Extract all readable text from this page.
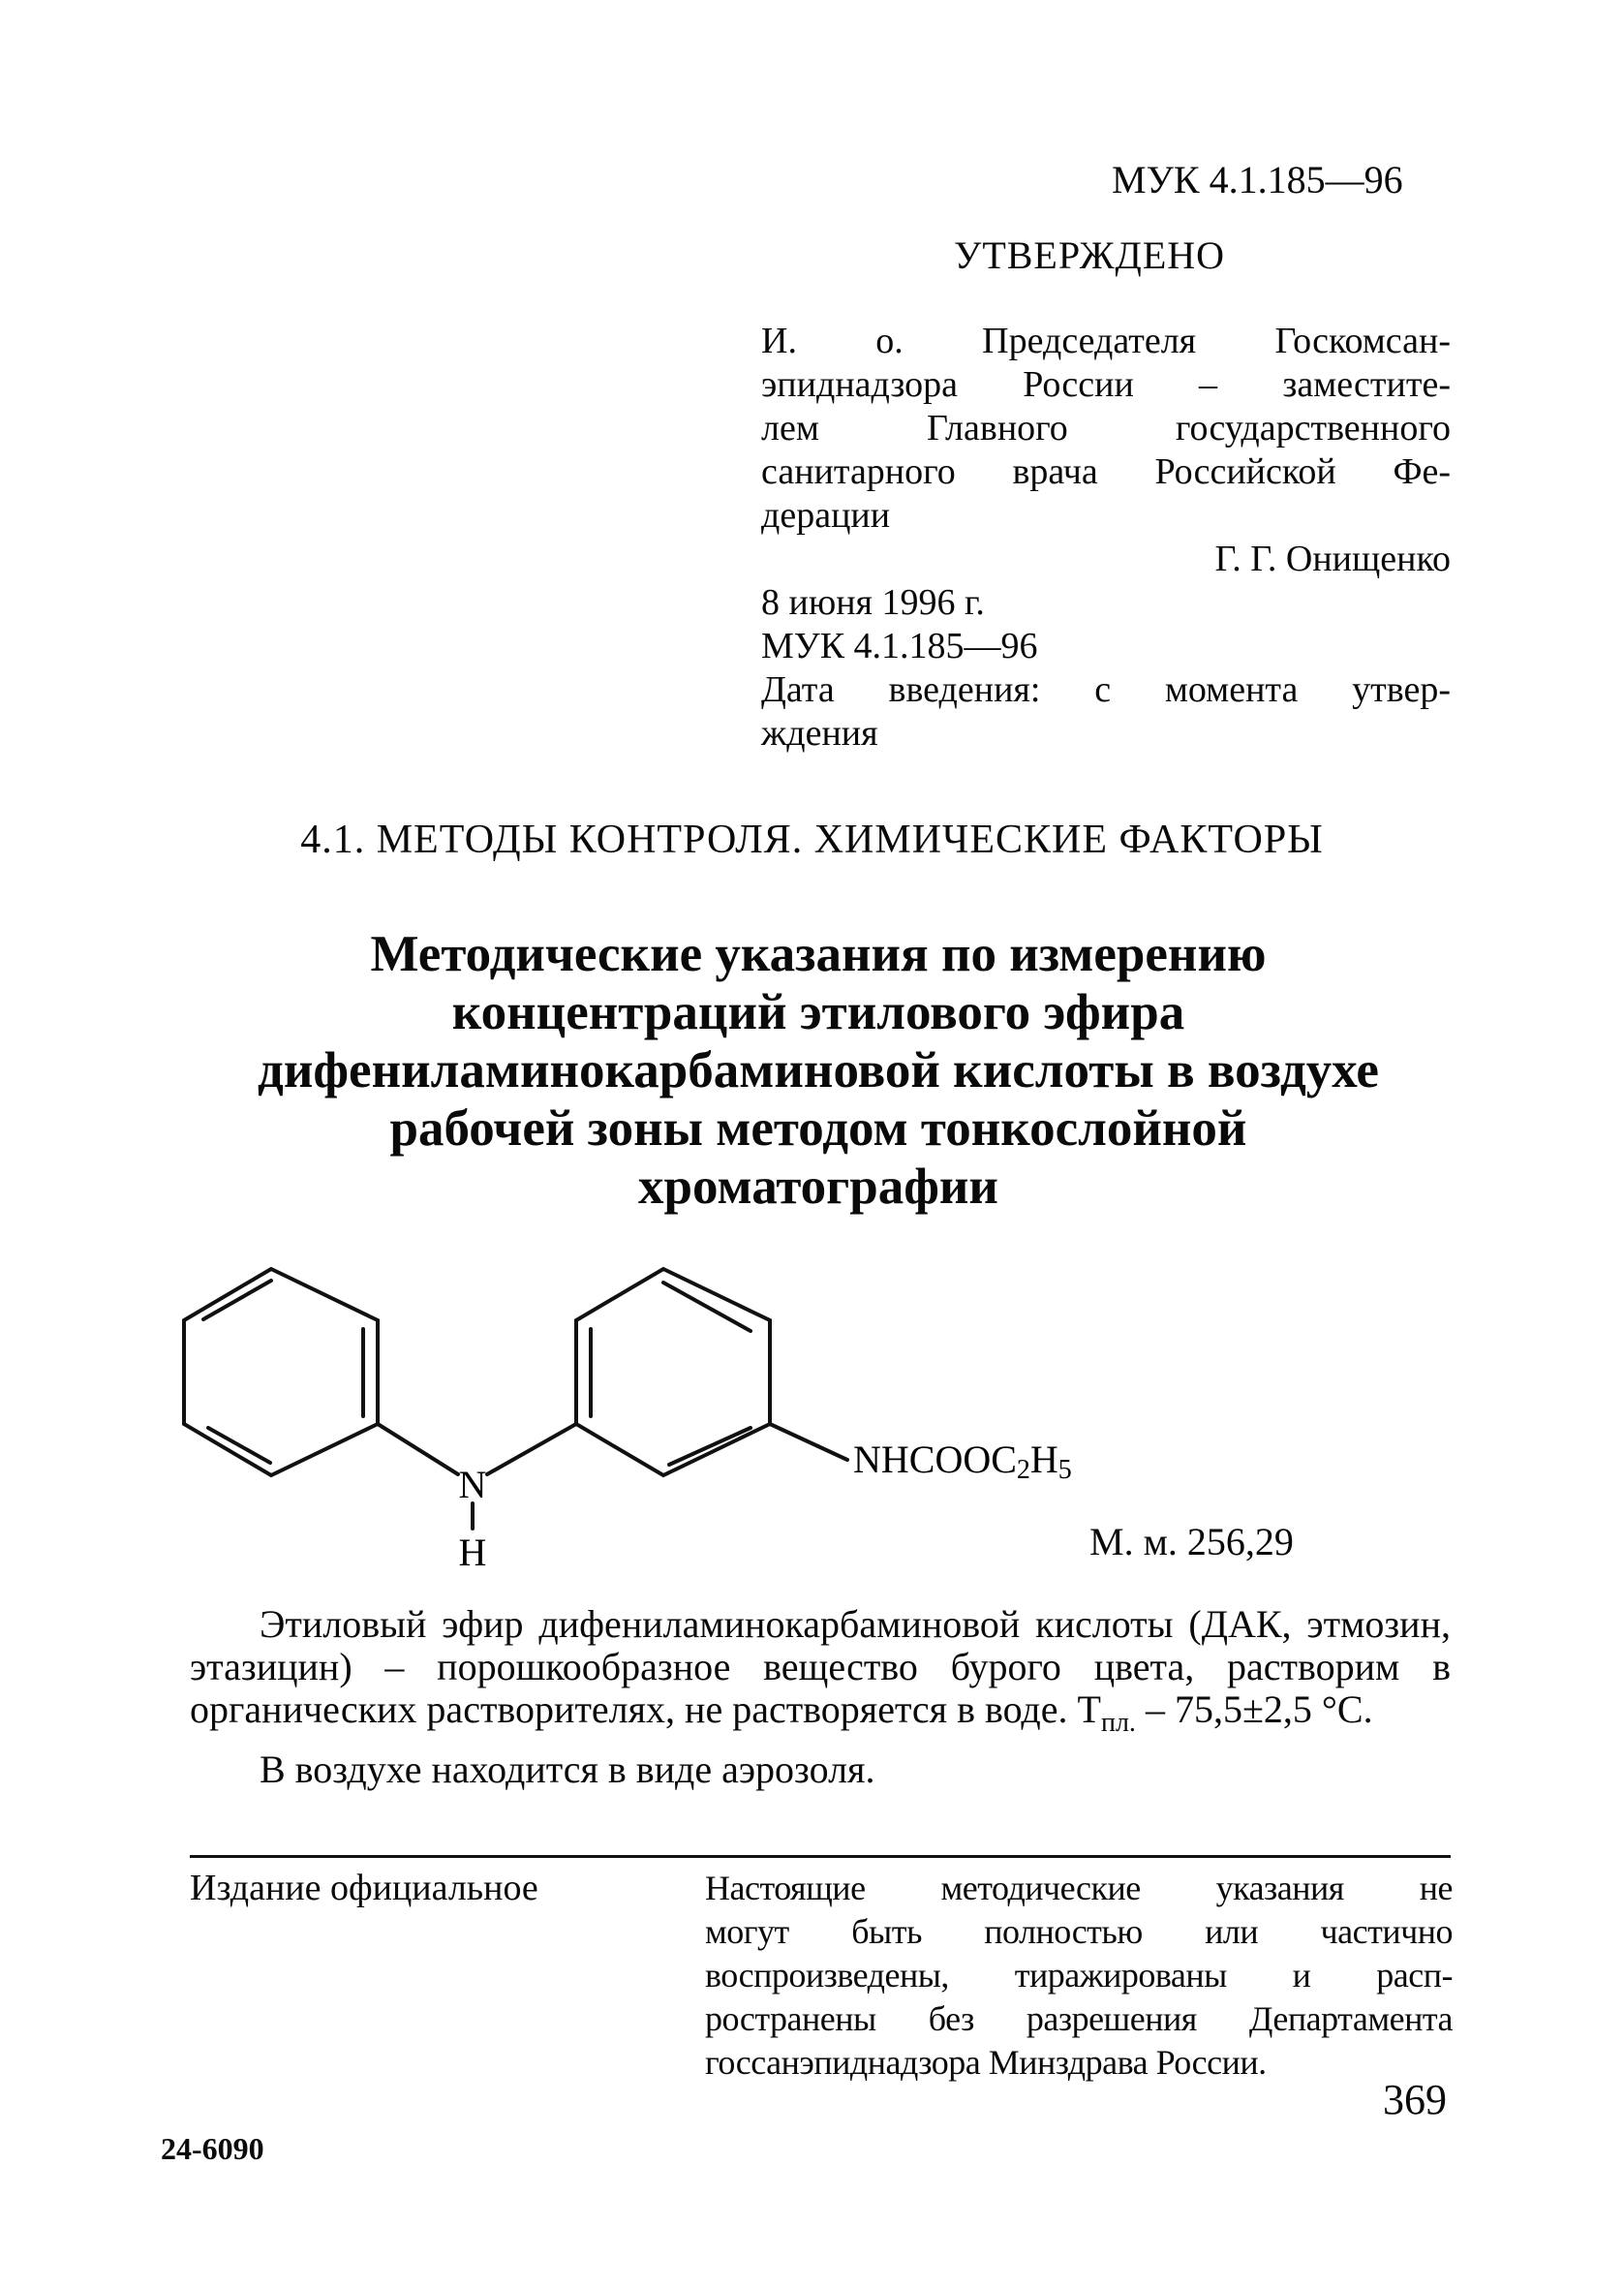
МУК 4.1.185—96
УТВЕРЖДЕНО
И. о. Председателя Госкомсан-
эпиднадзора России – заместите-
лем Главного государственного
санитарного врача Российской Фе-
дерации
Г. Г. Онищенко
8 июня 1996 г.
МУК 4.1.185—96
Дата введения: с момента утвер-
ждения
4.1. МЕТОДЫ КОНТРОЛЯ. ХИМИЧЕСКИЕ ФАКТОРЫ
Методические указания по измерению
концентраций этилового эфира
дифениламинокарбаминовой кислоты в воздухе
рабочей зоны методом тонкослойной
хроматографии
N
H
NHCOOC2H5
М. м. 256,29
Этиловый эфир дифениламинокарбаминовой кислоты (ДАК, этмозин, этазицин) – порошкообразное вещество бурого цвета, растворим в органических растворителях, не растворяется в воде. $Т_{пл.} - 75,5\pm 2,5$ °С.
В воздухе находится в виде аэрозоля.
Издание официальное	Настоящие методические указания не
могут быть полностью или частично
воспроизведены, тиражированы и расп-
ространены без разрешения Департамента
госсанэпиднадзора Минздрава России.
369
24-6090
